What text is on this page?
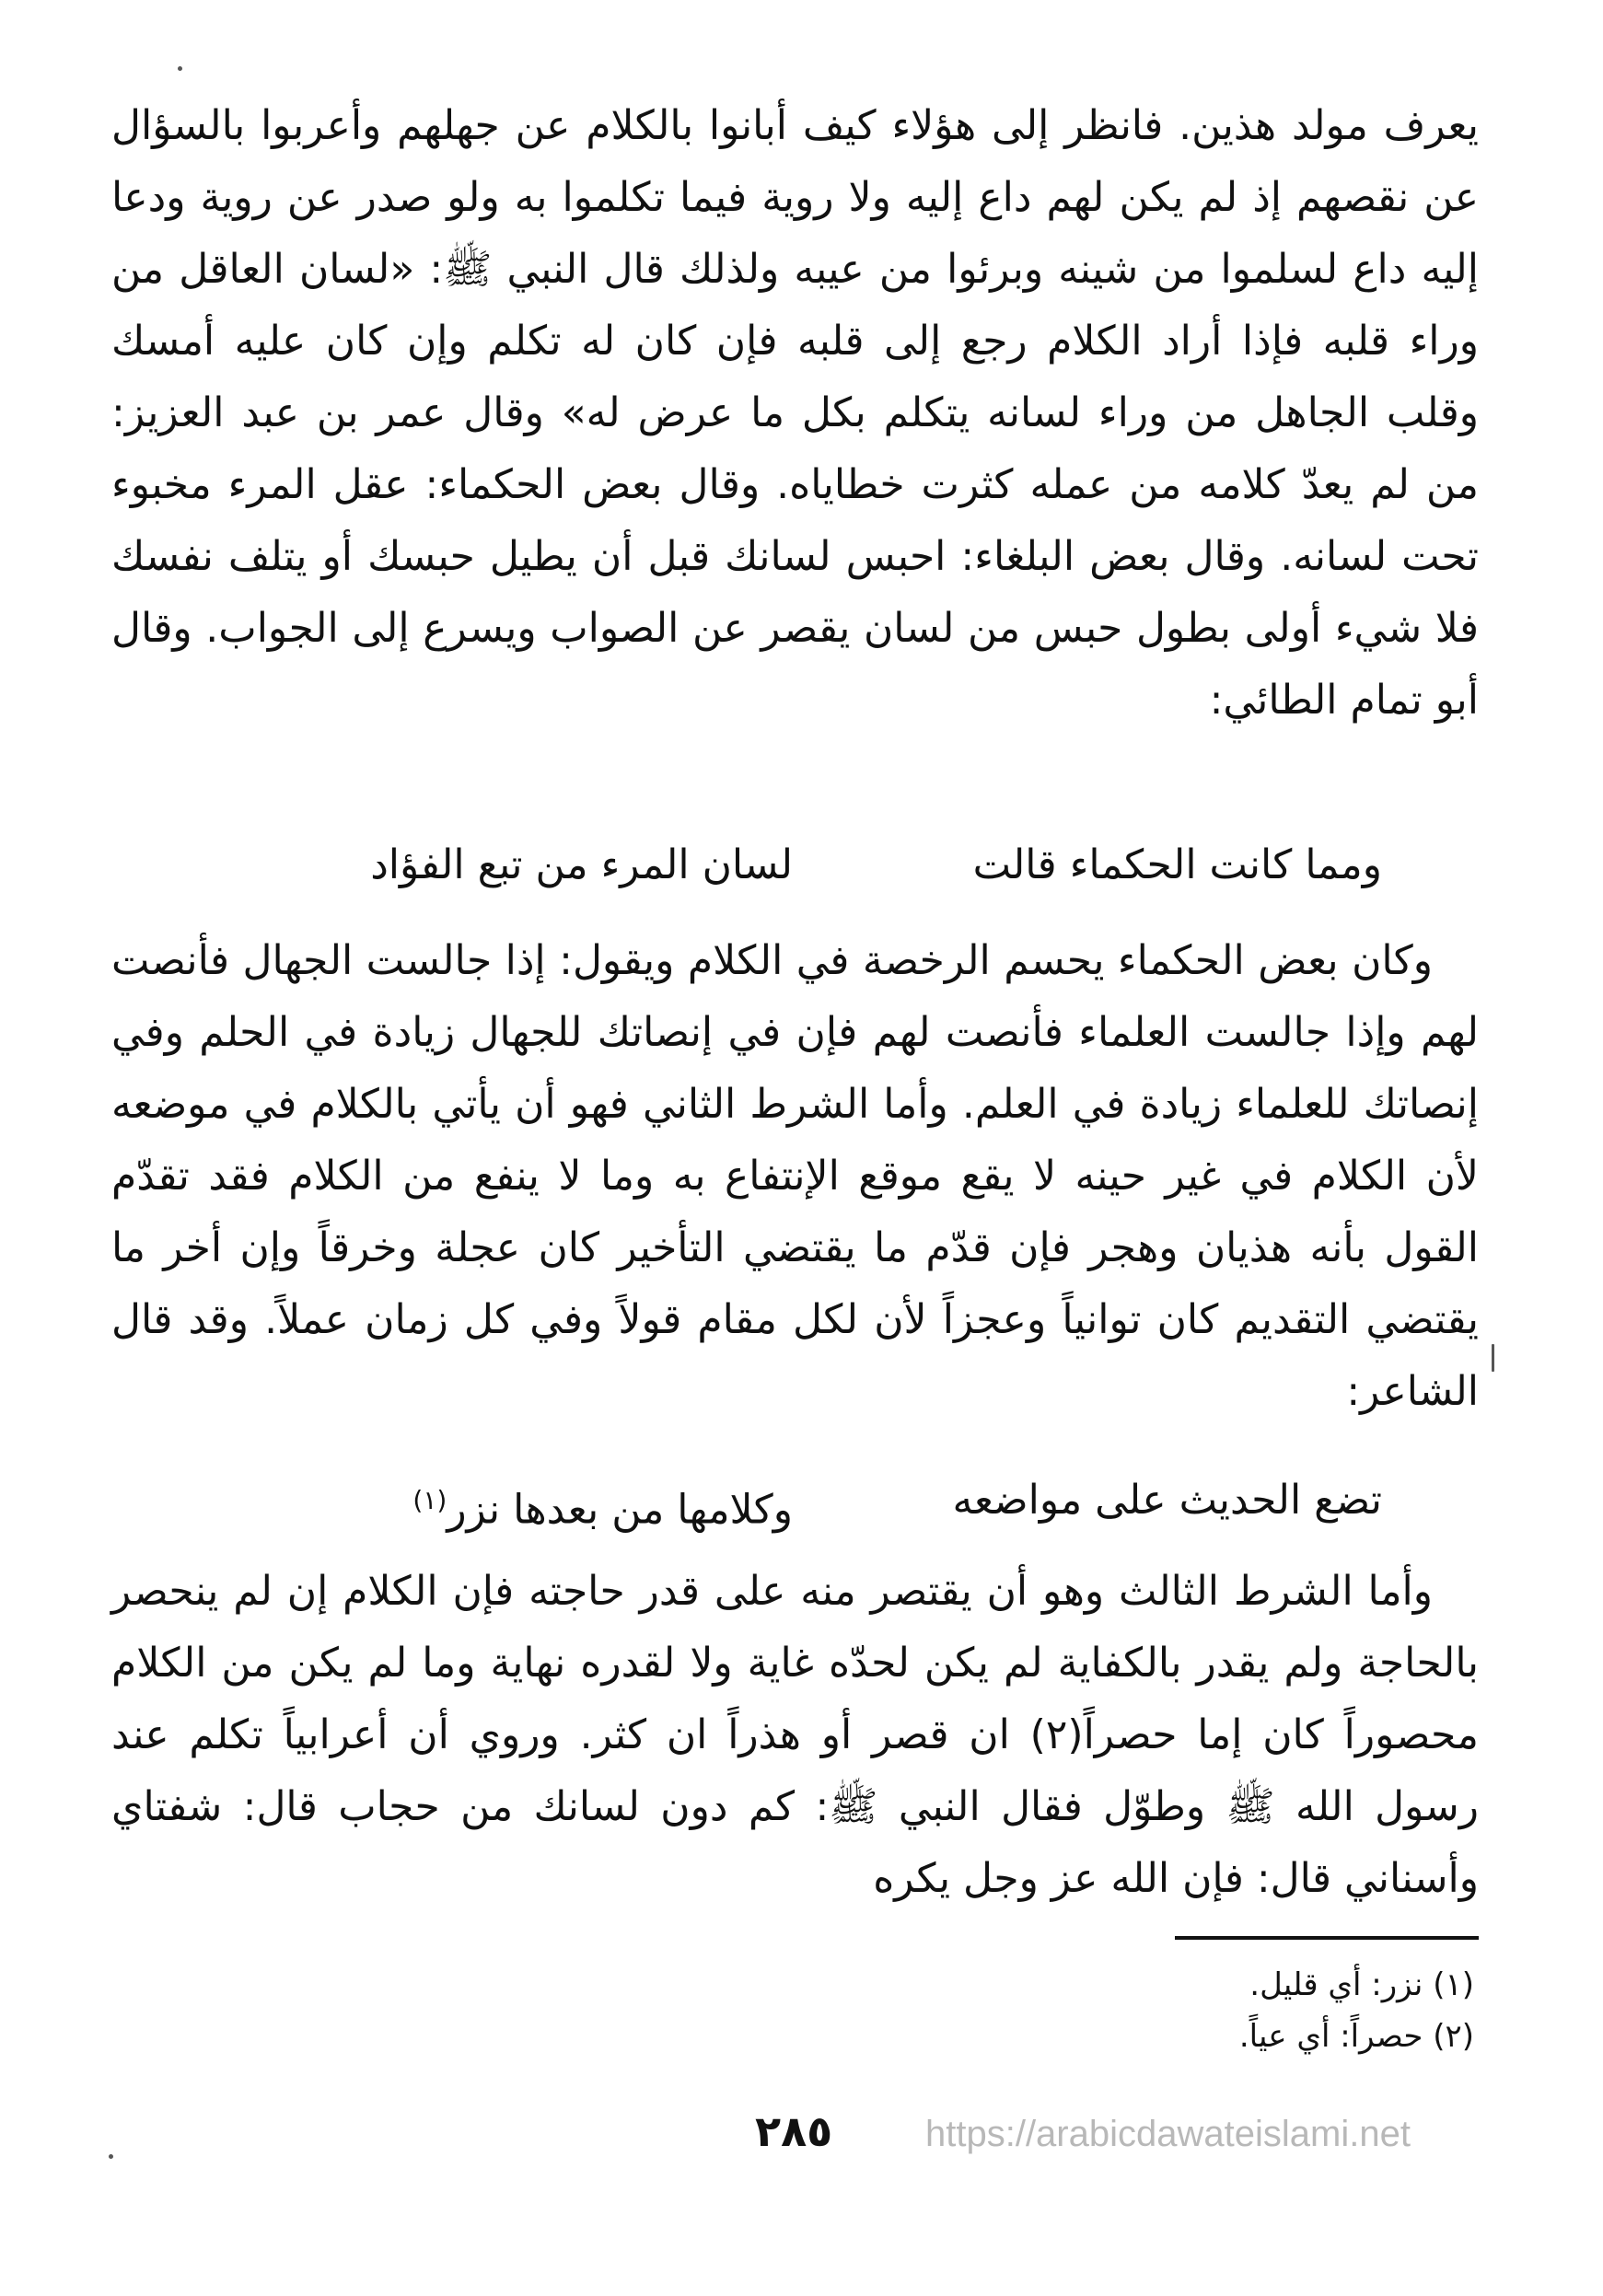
يعرف مولد هذين. فانظر إلى هؤلاء كيف أبانوا بالكلام عن جهلهم وأعربوا بالسؤال عن نقصهم إذ لم يكن لهم داع إليه ولا روية فيما تكلموا به ولو صدر عن روية ودعا إليه داع لسلموا من شينه وبرئوا من عيبه ولذلك قال النبي ﷺ: «لسان العاقل من وراء قلبه فإذا أراد الكلام رجع إلى قلبه فإن كان له تكلم وإن كان عليه أمسك وقلب الجاهل من وراء لسانه يتكلم بكل ما عرض له» وقال عمر بن عبد العزيز: من لم يعدّ كلامه من عمله كثرت خطاياه. وقال بعض الحكماء: عقل المرء مخبوء تحت لسانه. وقال بعض البلغاء: احبس لسانك قبل أن يطيل حبسك أو يتلف نفسك فلا شيء أولى بطول حبس من لسان يقصر عن الصواب ويسرع إلى الجواب. وقال أبو تمام الطائي:

ومما كانت الحكماء قالت
لسان المرء من تبع الفؤاد

وكان بعض الحكماء يحسم الرخصة في الكلام ويقول: إذا جالست الجهال فأنصت لهم وإذا جالست العلماء فأنصت لهم فإن في إنصاتك للجهال زيادة في الحلم وفي إنصاتك للعلماء زيادة في العلم. وأما الشرط الثاني فهو أن يأتي بالكلام في موضعه لأن الكلام في غير حينه لا يقع موقع الإنتفاع به وما لا ينفع من الكلام فقد تقدّم القول بأنه هذيان وهجر فإن قدّم ما يقتضي التأخير كان عجلة وخرقاً وإن أخر ما يقتضي التقديم كان توانياً وعجزاً لأن لكل مقام قولاً وفي كل زمان عملاً. وقد قال الشاعر:

تضع الحديث على مواضعه
وكلامها من بعدها نزر$^{(١)}$

وأما الشرط الثالث وهو أن يقتصر منه على قدر حاجته فإن الكلام إن لم ينحصر بالحاجة ولم يقدر بالكفاية لم يكن لحدّه غاية ولا لقدره نهاية وما لم يكن من الكلام محصوراً كان إما حصراً(٢) ان قصر أو هذراً ان كثر. وروي أن أعرابياً تكلم عند رسول الله ﷺ وطوّل فقال النبي ﷺ: كم دون لسانك من حجاب قال: شفتاي وأسناني قال: فإن الله عز وجل يكره

(١) نزر: أي قليل.
(٢) حصراً: أي عياً.
٢٨٥	https://arabicdawateislami.net
